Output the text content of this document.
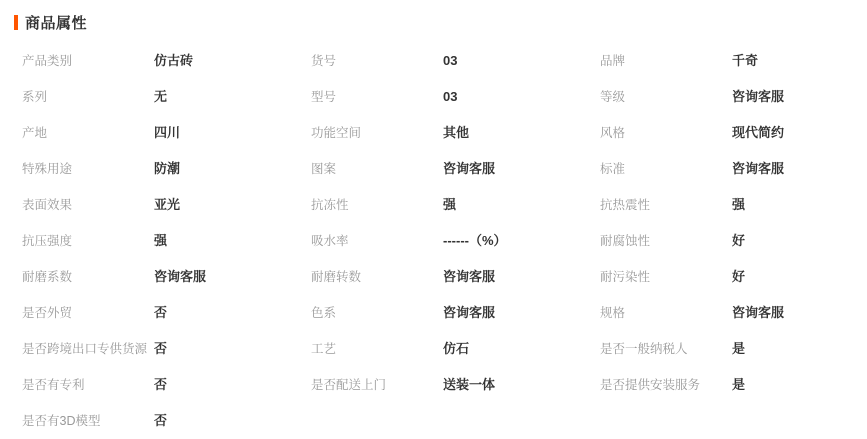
商品属性
产品类别	仿古砖	货号	03	品牌	千奇

系列	无	型号	03	等级	咨询客服

产地	四川	功能空间	其他	风格	现代简约

特殊用途	防潮	图案	咨询客服	标准	咨询客服

表面效果	亚光	抗冻性	强	抗热震性	强

抗压强度	强	吸水率	------（%）	耐腐蚀性	好

耐磨系数	咨询客服	耐磨转数	咨询客服	耐污染性	好

是否外贸	否	色系	咨询客服	规格	咨询客服

是否跨境出口专供货源	否	工艺	仿石	是否一般纳税人	是

是否有专利	否	是否配送上门	送装一体	是否提供安装服务	是

是否有3D模型	否				
